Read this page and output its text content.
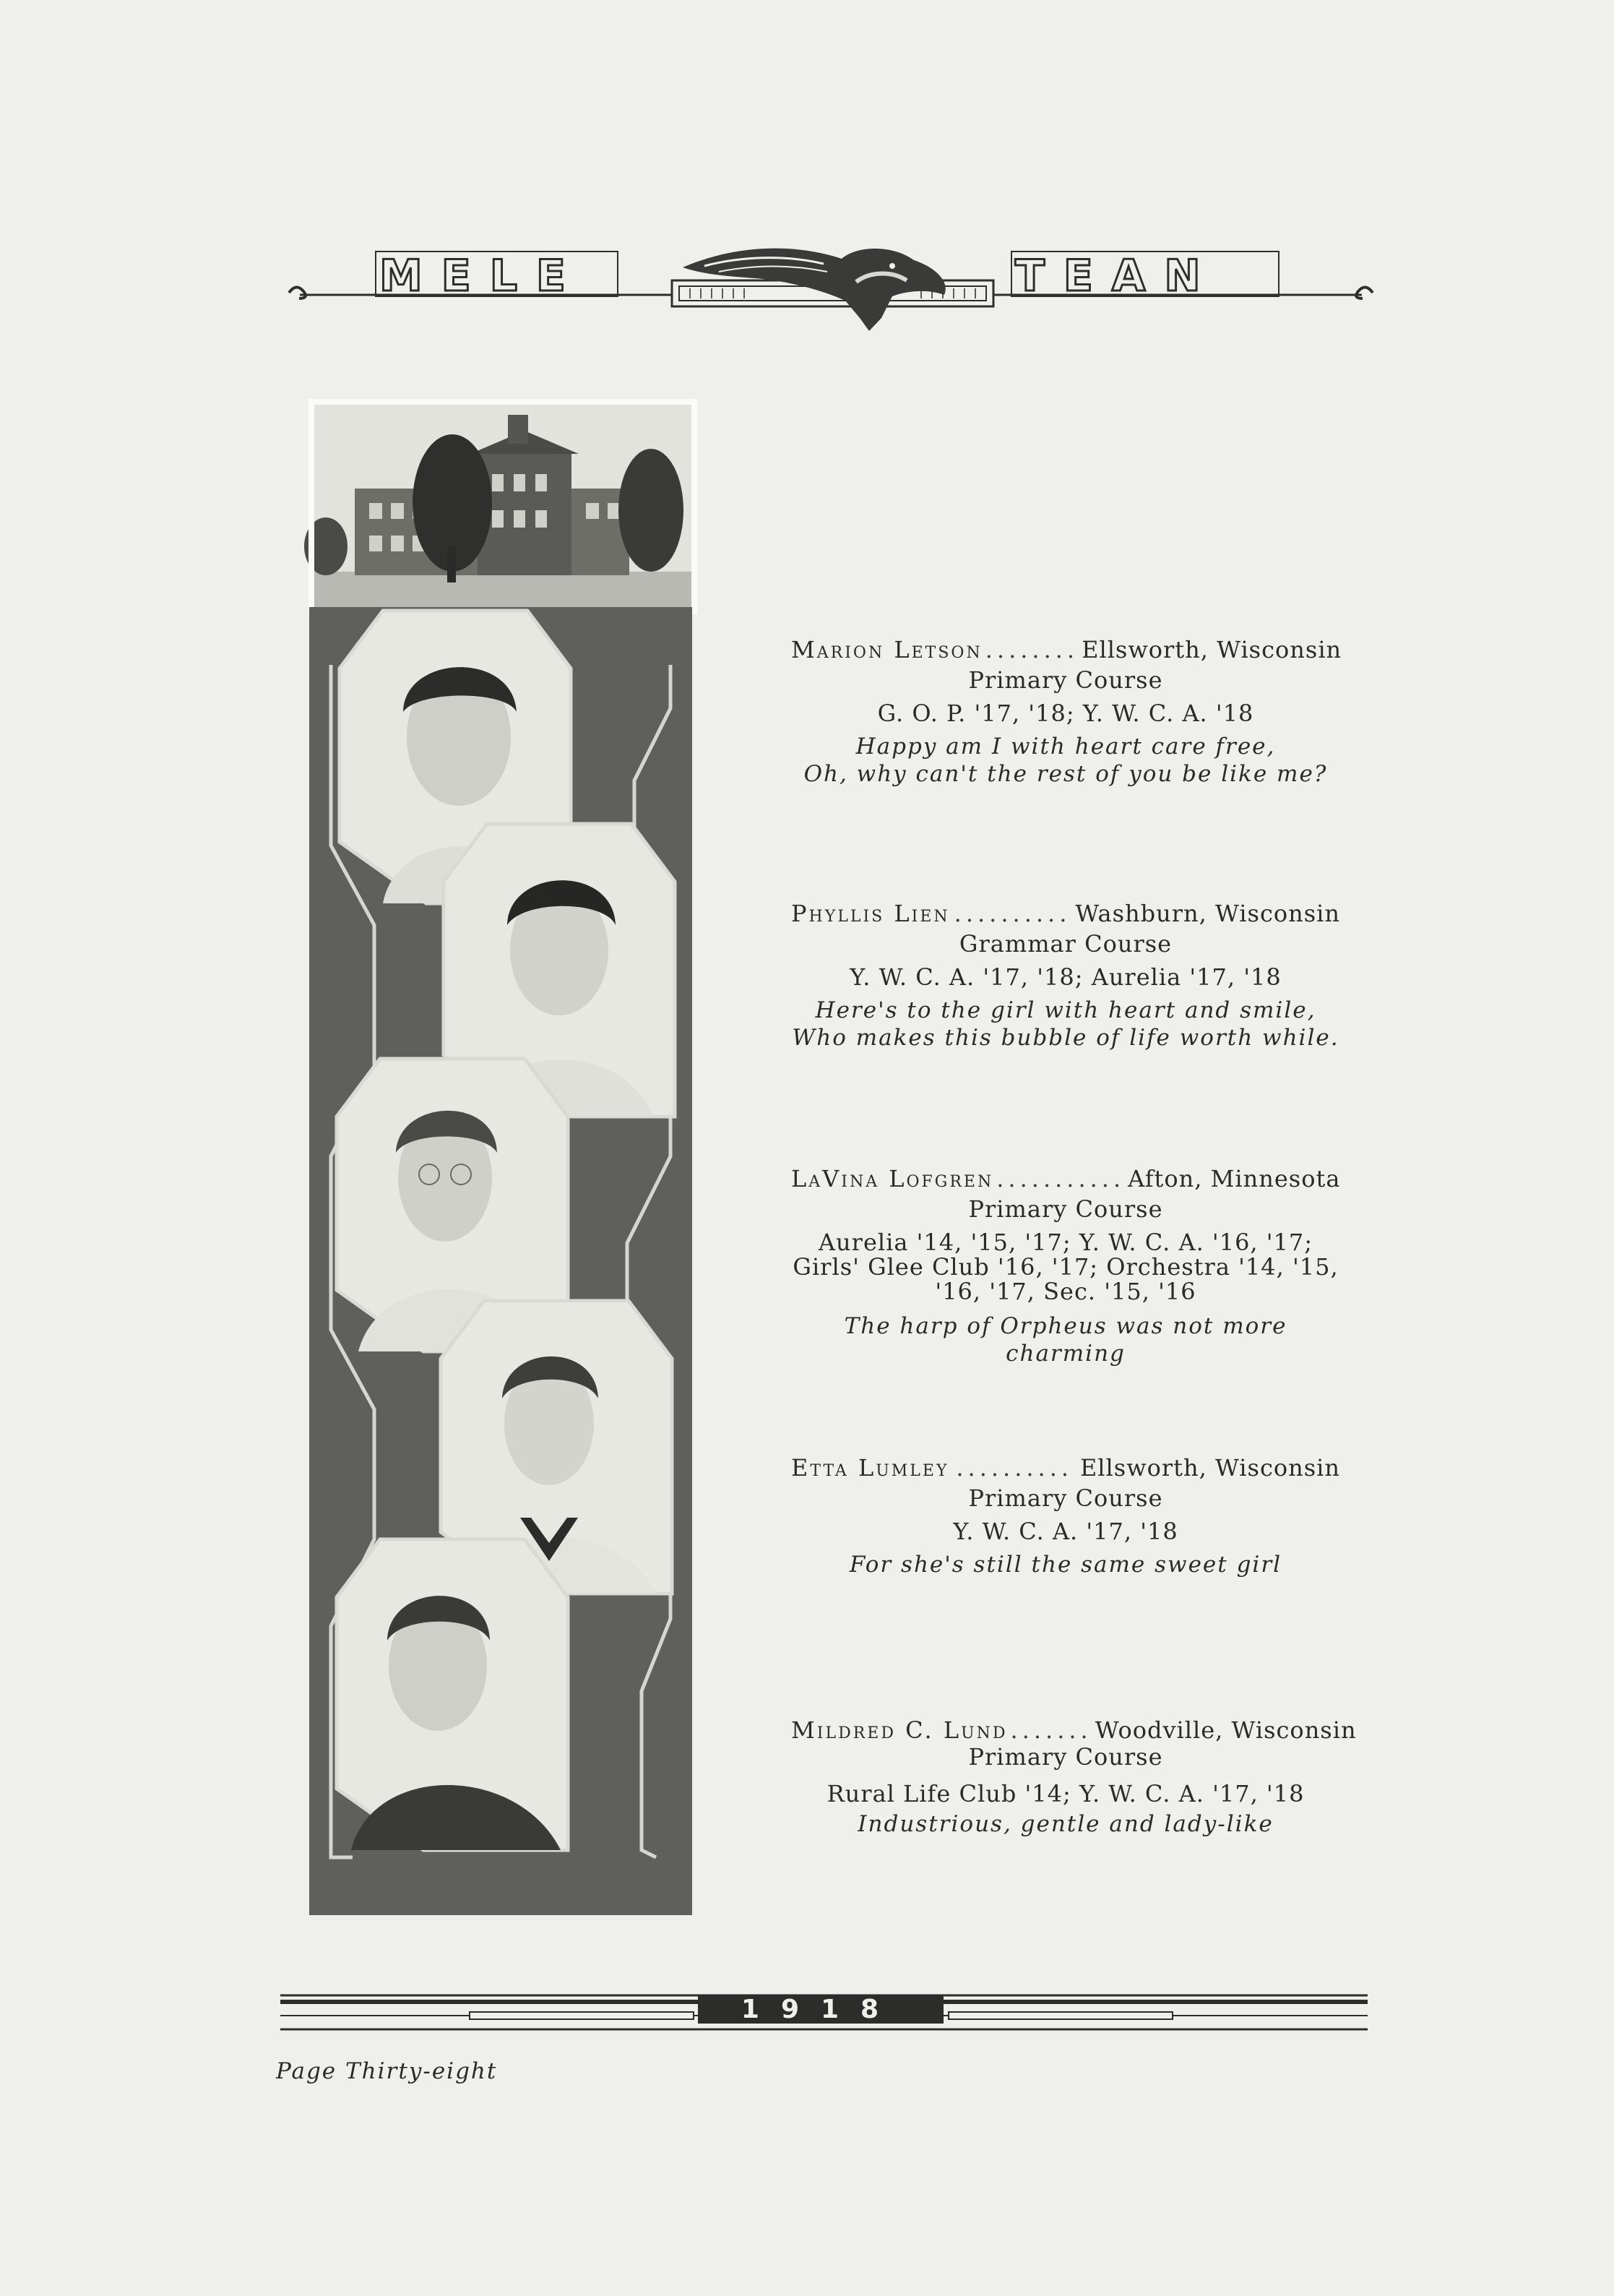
MELE	TEAN
Marion Letson ........ Ellsworth, Wisconsin
Primary Course
G. O. P. '17, '18; Y. W. C. A. '18
Happy am I with heart care free,
Oh, why can't the rest of you be like me?
Phyllis Lien .......... Washburn, Wisconsin
Grammar Course
Y. W. C. A. '17, '18; Aurelia '17, '18
Here's to the girl with heart and smile,
Who makes this bubble of life worth while.
LaVina Lofgren ........... Afton, Minnesota
Primary Course
Aurelia '14, '15, '17; Y. W. C. A. '16, '17;
Girls' Glee Club '16, '17; Orchestra '14, '15,
'16, '17, Sec. '15, '16
The harp of Orpheus was not more charming
Etta Lumley .......... Ellsworth, Wisconsin
Primary Course
Y. W. C. A. '17, '18
For she's still the same sweet girl
Mildred C. Lund ....... Woodville, Wisconsin
Primary Course
Rural Life Club '14; Y. W. C. A. '17, '18
Industrious, gentle and lady-like
1918
Page Thirty-eight
